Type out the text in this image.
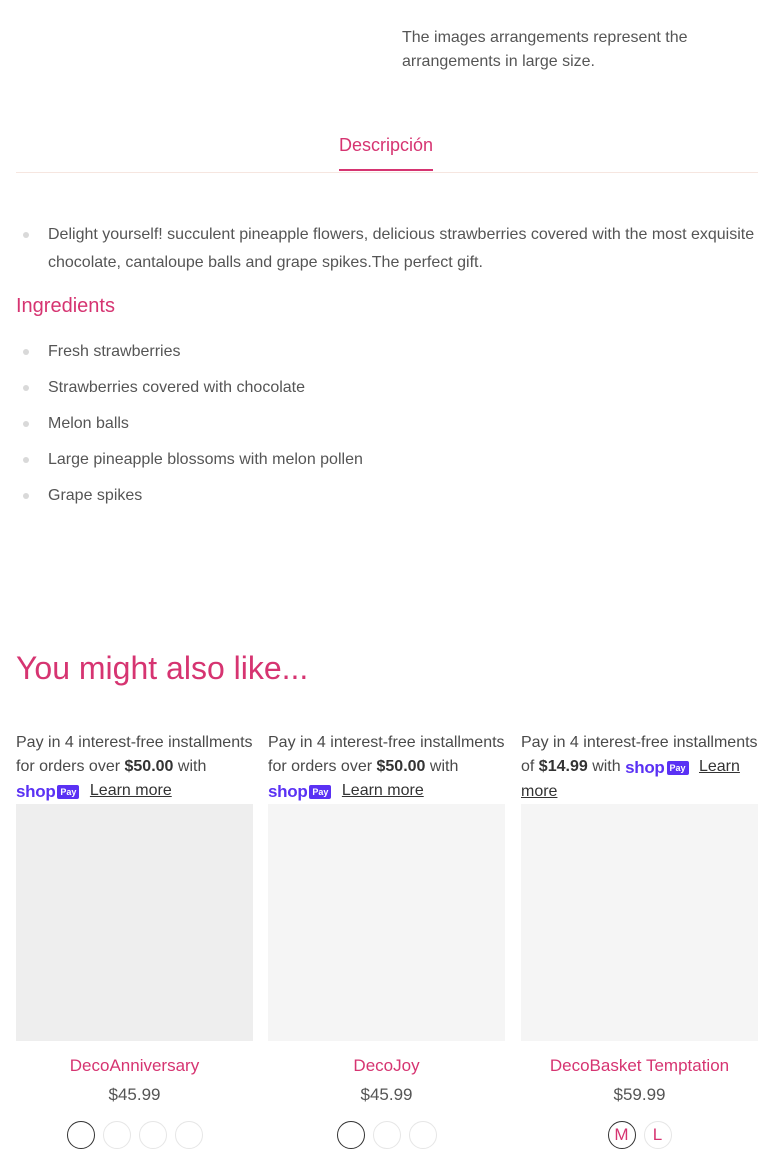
The images arrangements represent the arrangements in large size.
Descripción
Delight yourself! succulent pineapple flowers, delicious strawberries covered with the most exquisite chocolate, cantaloupe balls and grape spikes.The perfect gift.
Ingredients
Fresh strawberries
Strawberries covered with chocolate
Melon balls
Large pineapple blossoms with melon pollen
Grape spikes
You might also like...
Pay in 4 interest-free installments for orders over $50.00 with
shop Pay Learn more
DecoAnniversary
$45.99
Pay in 4 interest-free installments for orders over $50.00 with
shop Pay Learn more
DecoJoy
$45.99
Pay in 4 interest-free installments of $14.99 with shop Pay Learn more
DecoBasket Temptation
$59.99
M	L
